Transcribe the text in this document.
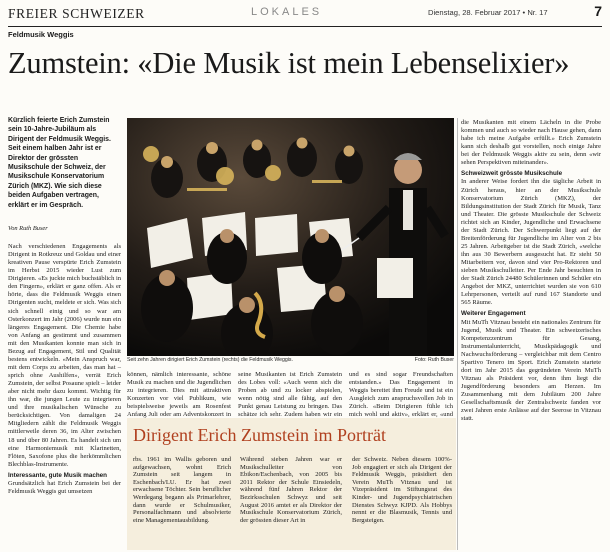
FREIER SCHWEIZER	LOKALES	Dienstag, 28. Februar 2017 • Nr. 17	7
Feldmusik Weggis
Zumstein: «Die Musik ist mein Lebenselixier»
Kürzlich feierte Erich Zumstein sein 10-Jahre-Jubiläum als Dirigent der Feldmusik Weggis. Seit einem halben Jahr ist er Direktor der grössten Musikschule der Schweiz, der Musikschule Konservatorium Zürich (MKZ). Wie sich diese beiden Aufgaben vertragen, erklärt er im Gespräch.
Von Ruth Buser

Nach verschiedenen Engagements als Dirigent in Rotkreuz und Goldau und einer kreativen Pause verspürte Erich Zumstein im Herbst 2015 wieder Lust zum Dirigieren. «Es juckte mich buchstäblich in den Fingern», erklärt er ganz offen. Als er hörte, dass die Feldmusik Weggis einen Dirigenten sucht, meldete er sich. Was sich sich schnell einig und so war am Osterkonzert im Jahr (2006) wurde nun ein längeres Engagement. Die Chemie habe von Anfang an gestimmt und zusammen mit den Musikanten konnte man sich in Bezug auf Engagement, Stil und Qualität bestens entwickeln. «Mein Anspruch war, mit dem Corps zu arbeiten, das man hat – sprich ohne Aushilfen», verrät Erich Zumstein, der selbst Posaune spielt – leider aber nicht mehr dazu kommt. Wichtig für ihn war, die jungen Leute zu integrieren und ihre musikalischen Wünsche zu berücksichtigen. Von damaligen 24 Mitgliedern zählt die Feldmusik Weggis mittlerweile deren 36, im Alter zwischen 18 und über 80 Jahren. Es handelt sich um eine Harmoniemusik mit Klarinetten, Flöten, Saxofone plus die herkömmlichen Blechblas-Instrumente.

Interessante, gute Musik machen

Grundsätzlich hat Erich Zumstein bei der Feldmusik Weggis gut umsetzen

Seit zehn Jahren dirigiert Erich Zumstein (rechts) die Feldmusik Weggis.	Foto: Ruth Buser
können, nämlich interessante, schöne Musik zu machen und die Jugendlichen zu integrieren. Dies mit attraktiven Konzerten vor viel Publikum, wie beispielsweise jeweils am Rosenfest Anfang Juli oder am Adventskonzert in
seine Musikanten ist Erich Zumstein des Lobes voll: «Auch wenn sich die Proben ab und zu locker abspielen, wenn nötig sind alle fähig, auf den Punkt genau Leistung zu bringen. Das schätze ich sehr. Zudem haben wir ein
und es sind sogar Freundschaften entstanden.» Das Engagement in Weggis bereitet ihm Freude und ist ein Ausgleich zum anspruchsvollen Job in Zürich. «Beim Dirigieren fühle ich mich wohl und aktiv», erklärt er, «und

die Musikanten mit einem Lächeln in die Probe kommen und auch so wieder nach Hause gehen, dann habe ich meine Aufgabe erfüllt.» Erich Zumstein kann sich deshalb gut vorstellen, noch einige Jahre bei der Feldmusik Weggis aktiv zu sein, denn «wir sehen Perspektiven miteinander».

Schweizweit grösste Musikschule

In anderer Weise fordert ihn die tägliche Arbeit in Zürich heraus, hier an der Musikschule Konservatorium Zürich (MKZ), der Bildungsinstitution der Stadt Zürich für Musik, Tanz und Theater. Die grösste Musikschule der Schweiz richtet sich an Kinder, Jugendliche und Erwachsene der Stadt Zürich. Der Schwerpunkt liegt auf der Breitenförderung für Jugendliche im Alter von 2 bis 25 Jahren. Arbeitgeber ist die Stadt Zürich, «welche ihn aus 30 Bewerbern ausgesucht hat. Er steht 50 Mitarbeitern vor, davon sind vier Pro-Rektoren und sieben Musikschulleiter. Per Ende Jahr besuchten in der Stadt Zürich 24480 Schülerinnen und Schüler ein Angebot der MKZ, unterrichtet wurden sie von 610 Lehrpersonen, verteilt auf rund 167 Standorte und 565 Räume.

Weiterer Engagement

Mit MuTh Vitznau besteht ein nationales Zentrum für Jugend, Musik und Theater. Ein schweizerisches Kompetenzzentrum für Gesang, Instrumentalunterricht, Musikpädagogik und Nachwuchsförderung – vergleichbar mit dem Centro Spartivo Tenero im Sport. Erich Zumstein startete dort im Jahr 2015 das gegründeten Verein MuTh Vitznau als Präsident vor, denn ihm liegt die Jugendförderung besonders am Herzen. Im Zusammenhang mit dem Jubiläum 200 Jahre Gesellschaftsmusik der Zentralschweiz fanden vor zwei Jahren erste Anlässe auf der Seerose in Vitznau statt.

Dirigent Erich Zumstein im Porträt
rbs. 1961 im Wallis geboren und aufgewachsen, wohnt Erich Zumstein seit langem in Eschenbach/LU. Er hat zwei erwachsene Töchter. Sein beruflicher Werdegang begann als Primarlehrer, dann wurde er Schulmusiker, Personalfachmann und absolvierte eine Managementausbildung.
Während sieben Jahren war er Musikschulleiter von Ebikon/Eschenbach, von 2005 bis 2011 Rektor der Schule Einsiedeln, während fünf Jahren Rektor der Bezirksschulen Schwyz und seit August 2016 amtet er als Direktor der Musikschule Konservatorium Zürich, der grössten dieser Art in
der Schweiz. Neben diesem 100%-Job engagiert er sich als Dirigent der Feldmusik Weggis, präsidiert den Verein MuTh Vitznau und ist Vizepräsident im Stiftungsrat des Kinder- und Jugendpsychiatrischen Dienstes Schwyz KJPD. Als Hobbys nennt er die Blasmusik, Tennis und Bergsteigen.
